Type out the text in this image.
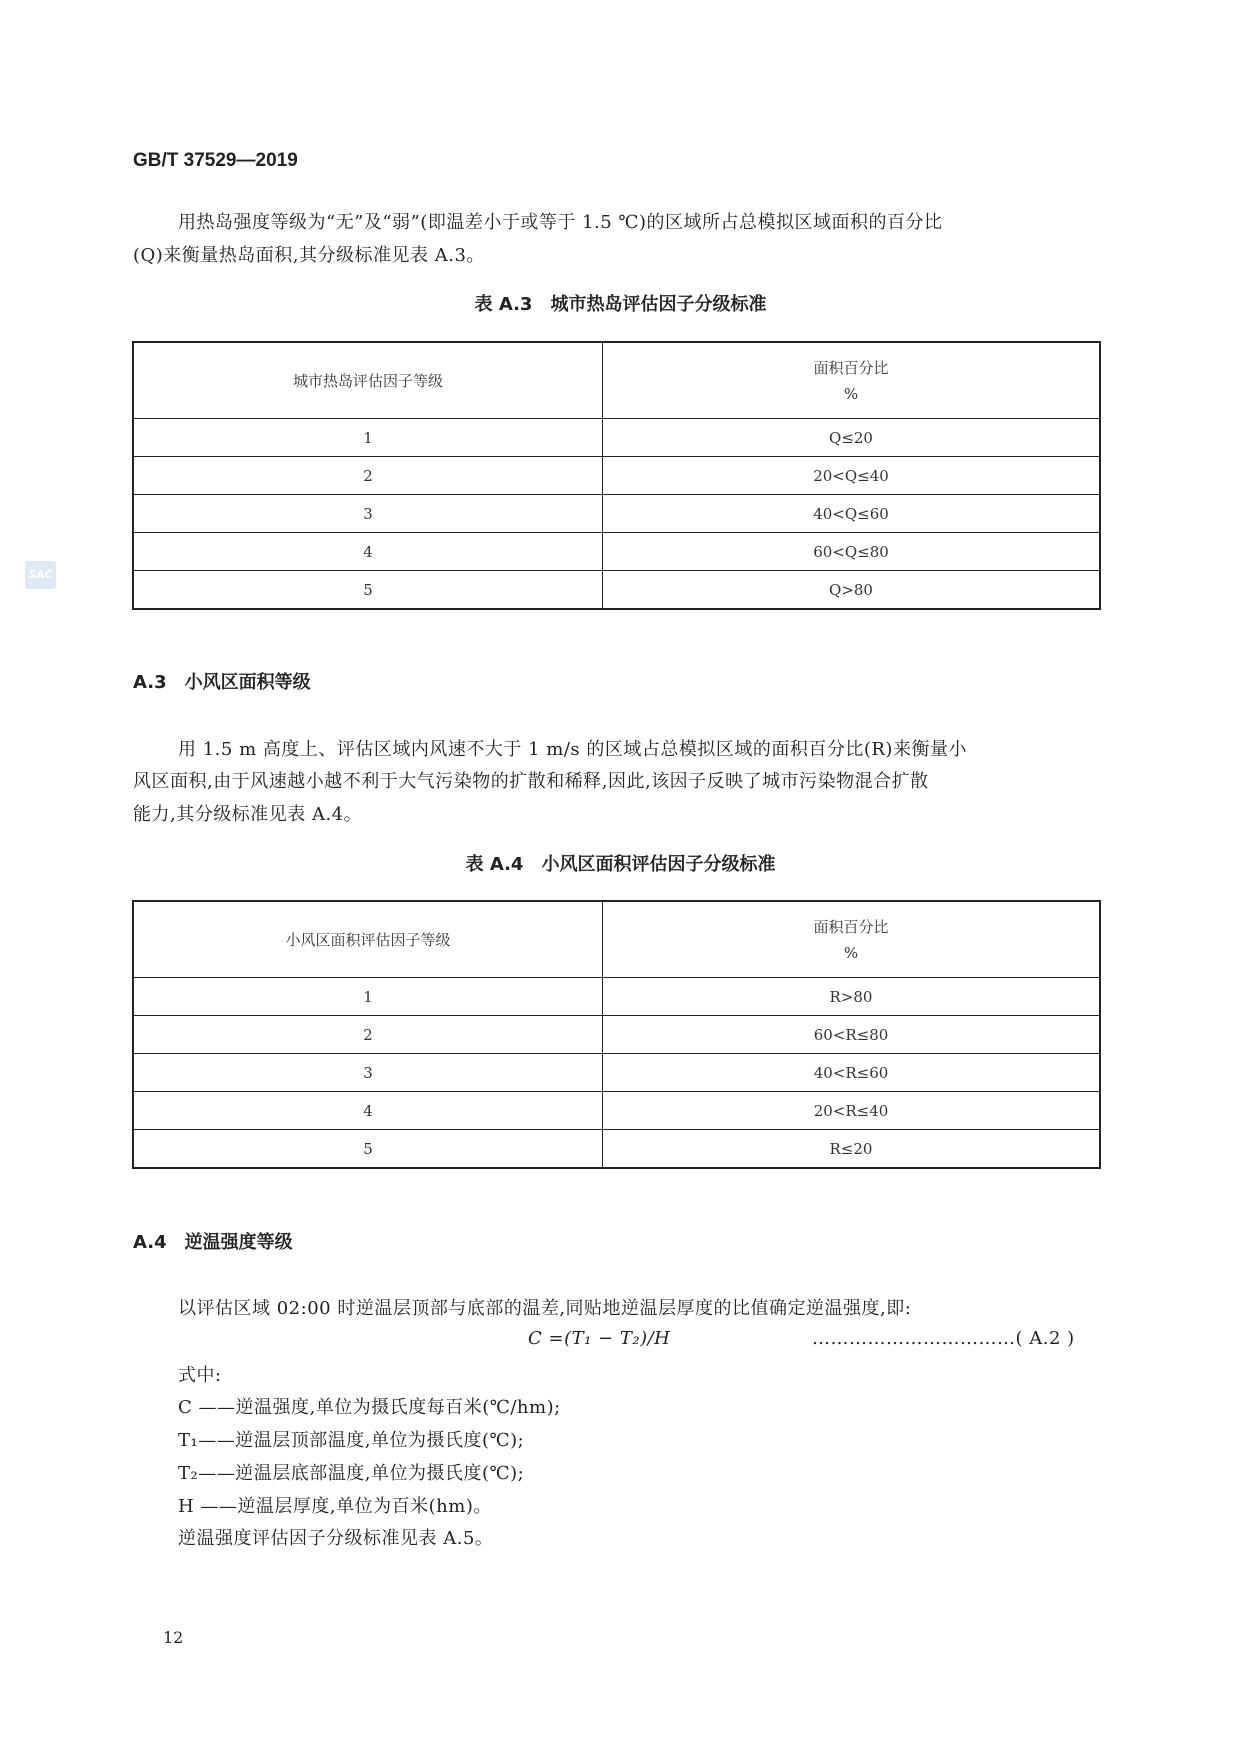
SAC
GB/T 37529—2019
用热岛强度等级为“无”及“弱”(即温差小于或等于 1.5 ℃)的区域所占总模拟区域面积的百分比
(Q)来衡量热岛面积,其分级标准见表 A.3。
表 A.3　城市热岛评估因子分级标准
城市热岛评估因子等级	面积百分比
%
1	Q≤20
2	20<Q≤40
3	40<Q≤60
4	60<Q≤80
5	Q>80
A.3　小风区面积等级
用 1.5 m 高度上、评估区域内风速不大于 1 m/s 的区域占总模拟区域的面积百分比(R)来衡量小
风区面积,由于风速越小越不利于大气污染物的扩散和稀释,因此,该因子反映了城市污染物混合扩散
能力,其分级标准见表 A.4。
表 A.4　小风区面积评估因子分级标准
小风区面积评估因子等级	面积百分比
%
1	R>80
2	60<R≤80
3	40<R≤60
4	20<R≤40
5	R≤20
A.4　逆温强度等级
以评估区域 02:00 时逆温层顶部与底部的温差,同贴地逆温层厚度的比值确定逆温强度,即:
C =(T₁ − T₂)/H	……………………………( A.2 )
式中:
C ——逆温强度,单位为摄氏度每百米(℃/hm);
T₁——逆温层顶部温度,单位为摄氏度(℃);
T₂——逆温层底部温度,单位为摄氏度(℃);
H ——逆温层厚度,单位为百米(hm)。
逆温强度评估因子分级标准见表 A.5。
12
